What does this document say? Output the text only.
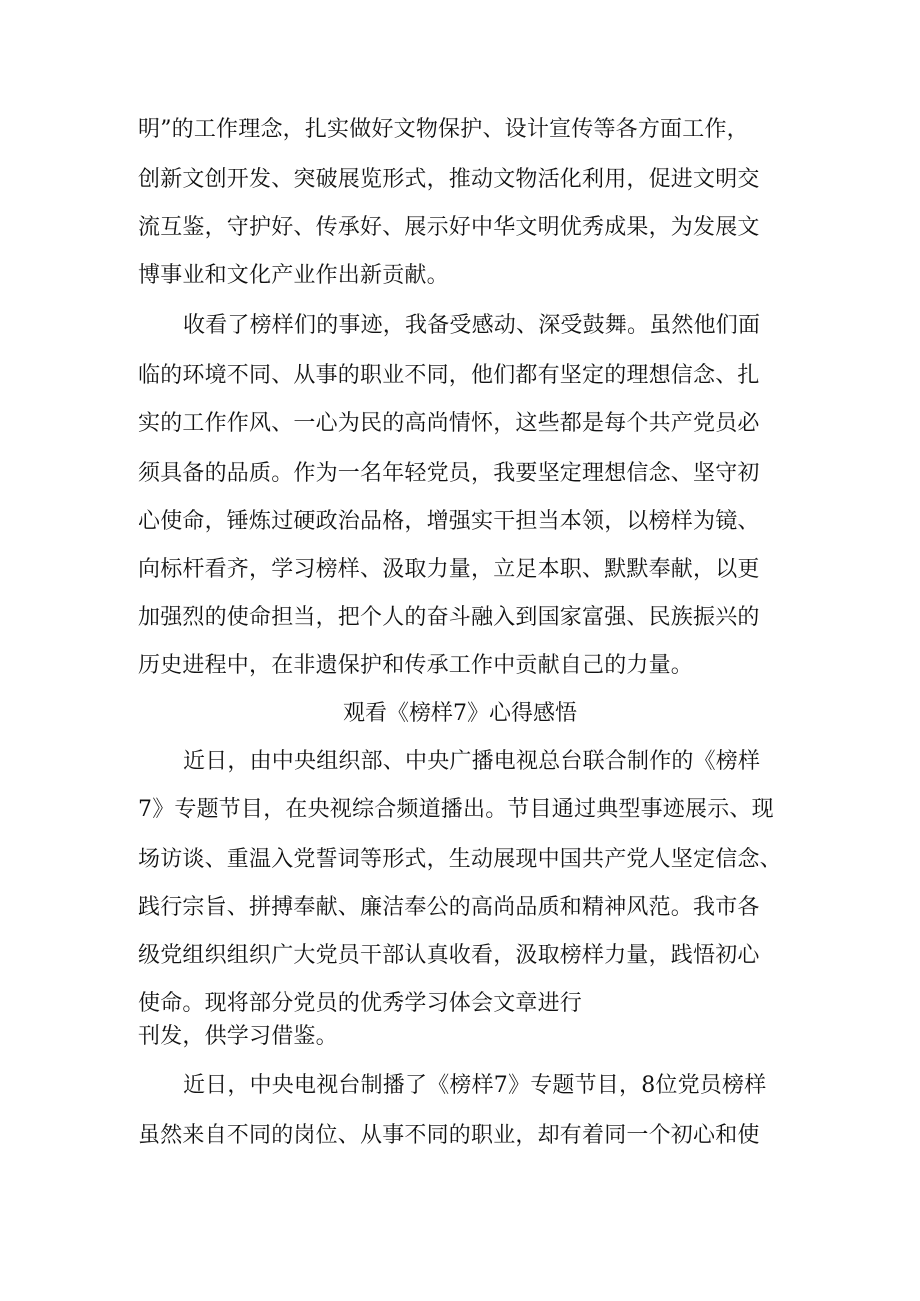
明”的工作理念，扎实做好文物保护、设计宣传等各方面工作，
创新文创开发、突破展览形式，推动文物活化利用，促进文明交
流互鉴，守护好、传承好、展示好中华文明优秀成果，为发展文
博事业和文化产业作出新贡献。
收看了榜样们的事迹，我备受感动、深受鼓舞。虽然他们面
临的环境不同、从事的职业不同，他们都有坚定的理想信念、扎
实的工作作风、一心为民的高尚情怀，这些都是每个共产党员必
须具备的品质。作为一名年轻党员，我要坚定理想信念、坚守初
心使命，锤炼过硬政治品格，增强实干担当本领，以榜样为镜、
向标杆看齐，学习榜样、汲取力量，立足本职、默默奉献，以更
加强烈的使命担当，把个人的奋斗融入到国家富强、民族振兴的
历史进程中，在非遗保护和传承工作中贡献自己的力量。
观看《榜样7》心得感悟
近日，由中央组织部、中央广播电视总台联合制作的《榜样
7》专题节目，在央视综合频道播出。节目通过典型事迹展示、现
场访谈、重温入党誓词等形式，生动展现中国共产党人坚定信念、
践行宗旨、拼搏奉献、廉洁奉公的高尚品质和精神风范。我市各
级党组织组织广大党员干部认真收看，汲取榜样力量，践悟初心
使命。现将部分党员的优秀学习体会文章进行
刊发，供学习借鉴。
近日，中央电视台制播了《榜样7》专题节目，8位党员榜样
虽然来自不同的岗位、从事不同的职业，却有着同一个初心和使
